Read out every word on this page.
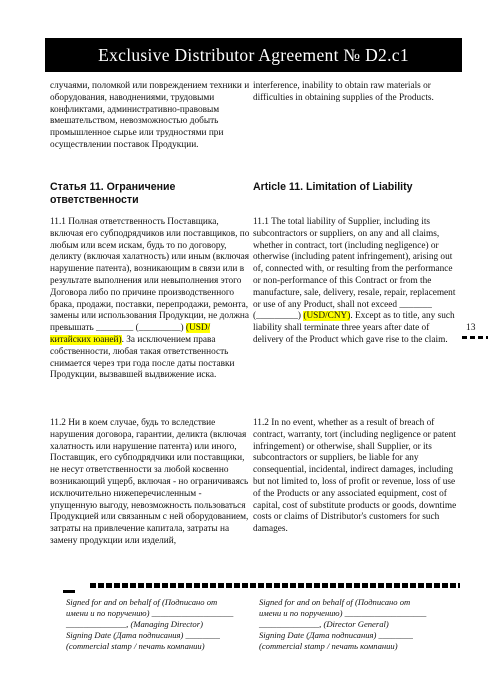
Exclusive Distributor Agreement № D2.c1

случаями, поломкой или повреждением техники и оборудования, наводнениями, трудовыми конфликтами, административно-правовым вмешательством, невозможностью добыть промышленное сырье или трудностями при осуществлении поставок Продукции.

Статья 11. Ограничение ответственности

11.1 Полная ответственность Поставщика, включая его субподрядчиков или поставщиков, по любым или всем искам, будь то по договору, деликту (включая халатность) или иным (включая нарушение патента), возникающим в связи или в результате выполнения или невыполнения этого Договора либо по причине производственного брака, продажи, поставки, перепродажи, ремонта, замены или использования Продукции, не должна превышать ________ (_________) (USD/китайских юаней). За исключением права собственности, любая такая ответственность снимается через три года после даты поставки Продукции, вызвавшей выдвижение иска.

11.2 Ни в коем случае, будь то вследствие нарушения договора, гарантии, деликта (включая халатность или нарушение патента) или иного, Поставщик, его субподрядчики или поставщики, не несут ответственности за любой косвенно возникающий ущерб, включая - но ограничиваясь исключительно нижеперечисленным - упущенную выгоду, невозможность пользоваться Продукцией или связанным с ней оборудованием, затраты на привлечение капитала, затраты на замену продукции или изделий,

interference, inability to obtain raw materials or difficulties in obtaining supplies of the Products.

Article 11. Limitation of Liability

11.1 The total liability of Supplier, including its subcontractors or suppliers, on any and all claims, whether in contract, tort (including negligence) or otherwise (including patent infringement), arising out of, connected with, or resulting from the performance or non-performance of this Contract or from the manufacture, sale, delivery, resale, repair, replacement or use of any Product, shall not exceed _______ (_________) (USD/CNY). Except as to title, any such liability shall terminate three years after date of delivery of the Product which gave rise to the claim.

11.2 In no event, whether as a result of breach of contract, warranty, tort (including negligence or patent infringement) or otherwise, shall Supplier, or its subcontractors or suppliers, be liable for any consequential, incidental, indirect damages, including but not limited to, loss of profit or revenue, loss of use of the Products or any associated equipment, cost of capital, cost of substitute products or goods, downtime costs or claims of Distributor's customers for such damages.

13
Signed for and on behalf of (Подписано от
имени и по поручению) ___________________
______________, (Managing Director)
Signing Date (Дата подписания) ________
(commercial stamp / печать компании)
Signed for and on behalf of (Подписано от
имени и по поручению) ___________________
______________, (Director General)
Signing Date (Дата подписания) ________
(commercial stamp / печать компании)
